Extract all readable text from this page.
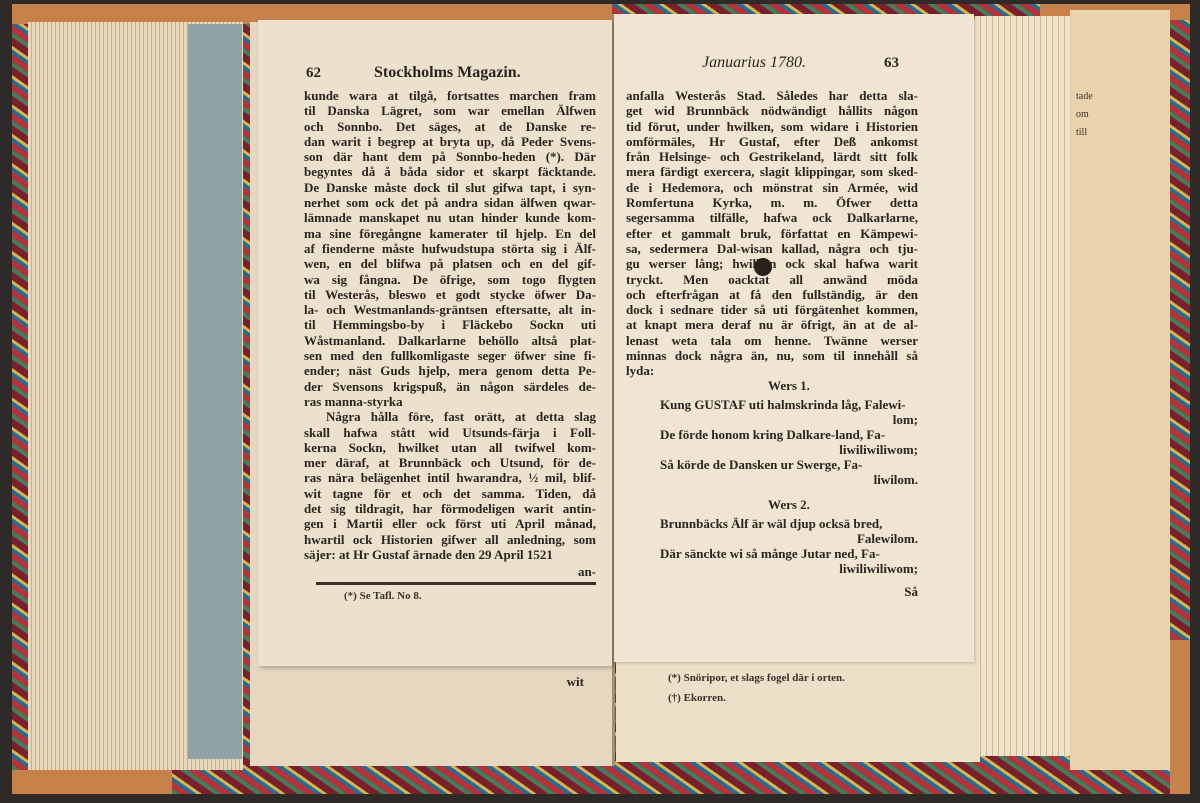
tade
om
till
wit	(*) Snöripor, et slags fogel där i orten.
(†) Ekorren.
62	Stockholms Magazin.
kunde wara at tilgå, fortsattes marchen fram
til Danska Lägret, som war emellan Älfwen
och Sonnbo. Det säges, at de Danske re-
dan warit i begrep at bryta up, då Peder Svens-
son där hant dem på Sonnbo-heden (*). Där
begyntes då å båda sidor et skarpt fäcktande.
De Danske måste dock til slut gifwa tapt, i syn-
nerhet som ock det på andra sidan älfwen qwar-
lämnade manskapet nu utan hinder kunde kom-
ma sine föregångne kamerater til hjelp. En del
af fienderne måste hufwudstupa störta sig i Älf-
wen, en del blifwa på platsen och en del gif-
wa sig fångna. De öfrige, som togo flygten
til Westerås, bleswo et godt stycke öfwer Da-
la- och Westmanlands-gräntsen eftersatte, alt in-
til Hemmingsbo-by i Fläckebo Sockn uti
Wåstmanland. Dalkarlarne behöllo altså plat-
sen med den fullkomligaste seger öfwer sine fi-
ender; näst Guds hjelp, mera genom detta Pe-
der Svensons krigspuß, än någon särdeles de-
ras manna-styrka
Några hålla före, fast orätt, at detta slag
skall hafwa stått wid Utsunds-färja i Foll-
kerna Sockn, hwilket utan all twifwel kom-
mer däraf, at Brunnbäck och Utsund, för de-
ras nära belägenhet intil hwarandra, ½ mil, blif-
wit tagne för et och det samma. Tiden, då
det sig tildragit, har förmodeligen warit antin-
gen i Martii eller ock först uti April månad,
hwartil ock Historien gifwer all anledning, som
säjer: at Hr Gustaf ärnade den 29 April 1521
an-
(*) Se Tafl. No 8.
Januarius 1780.	63
anfalla Westerås Stad. Således har detta sla-
get wid Brunnbäck nödwändigt hållits någon
tid förut, under hwilken, som widare i Historien
omförmäles, Hr Gustaf, efter Deß ankomst
från Helsinge- och Gestrikeland, lärdt sitt folk
mera färdigt exercera, slagit klippingar, som sked-
de i Hedemora, och mönstrat sin Armée, wid
Romfertuna Kyrka, m. m. Öfwer detta
segersamma tilfälle, hafwa ock Dalkarlarne,
efter et gammalt bruk, författat en Kämpewi-
sa, sedermera Dal-wisan kallad, några och tju-
gu werser lång; hwilken ock skal hafwa warit
tryckt. Men oacktat all anwänd möda
och efterfrågan at få den fullständig, är den
dock i sednare tider så uti förgätenhet kommen,
at knapt mera deraf nu är öfrigt, än at de al-
lenast weta tala om henne. Twänne werser
minnas dock några än, nu, som til innehåll så
lyda:
Wers 1.
Kung GUSTAF uti halmskrinda låg, Falewi-
lom;
De förde honom kring Dalkare-land, Fa-
liwiliwiliwom;
Så körde de Dansken ur Swerge, Fa-
liwilom.
Wers 2.
Brunnbäcks Älf är wäl djup ocksä bred,
Falewilom.
Där sänckte wi så månge Jutar ned, Fa-
liwiliwiliwom;
Så
